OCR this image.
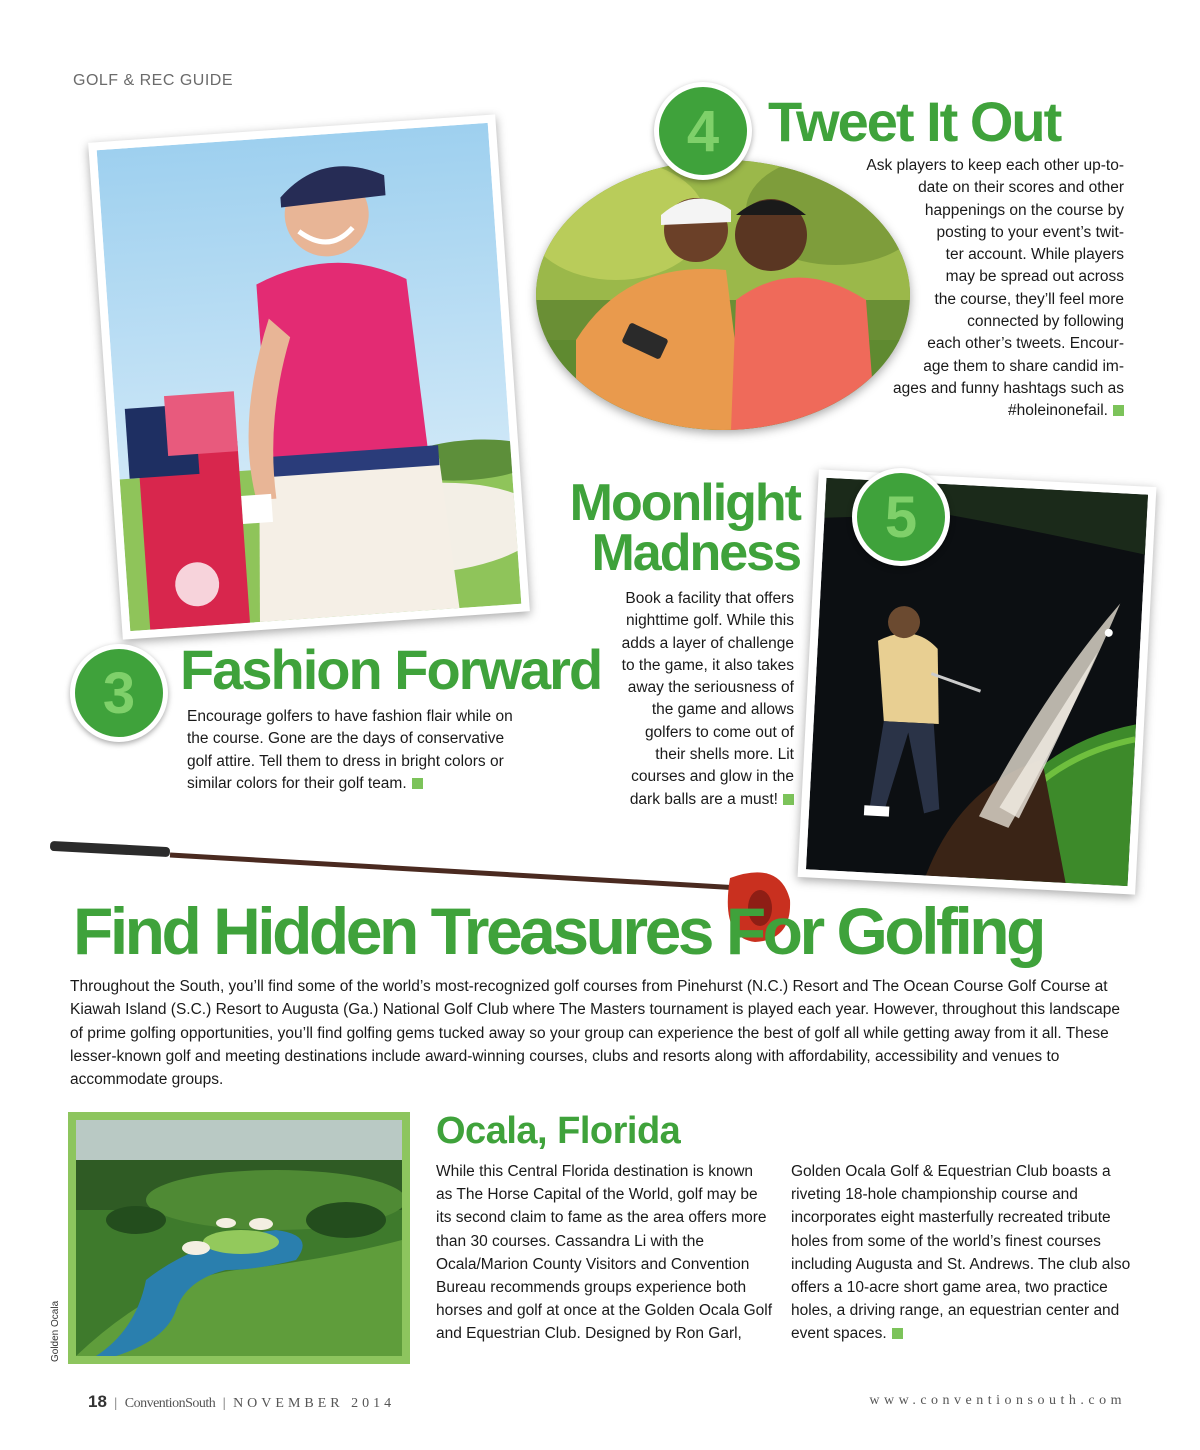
GOLF & REC GUIDE
3 Fashion Forward
Encourage golfers to have fashion flair while on the course. Gone are the days of conservative golf attire. Tell them to dress in bright colors or similar colors for their golf team.
4 Tweet It Out
Ask players to keep each other up-to-
date on their scores and other
happenings on the course by
posting to your event’s twit-
ter account. While players
may be spread out across
the course, they’ll feel more
connected by following
each other’s tweets. Encour-
age them to share candid im-
ages and funny hashtags such as
#holeinonefail.
Moonlight
Madness
Book a facility that offers
nighttime golf. While this
adds a layer of challenge
to the game, it also takes
away the seriousness of
the game and allows
golfers to come out of
their shells more. Lit
courses and glow in the
dark balls are a must!
5
Find Hidden Treasures For Golfing
Throughout the South, you’ll find some of the world’s most-recognized golf courses from Pinehurst (N.C.) Resort and The Ocean Course Golf Course at Kiawah Island (S.C.) Resort to Augusta (Ga.) National Golf Club where The Masters tournament is played each year. However, throughout this landscape of prime golfing opportunities, you’ll find golfing gems tucked away so your group can experience the best of golf all while getting away from it all. These lesser-known golf and meeting destinations include award-winning courses, clubs and resorts along with affordability, accessibility and venues to accommodate groups.
Golden Ocala
Ocala, Florida
While this Central Florida destination is known as The Horse Capital of the World, golf may be its second claim to fame as the area offers more than 30 courses. Cassandra Li with the Ocala/Marion County Visitors and Convention Bureau recommends groups experience both horses and golf at once at the Golden Ocala Golf and Equestrian Club. Designed by Ron Garl,
Golden Ocala Golf & Equestrian Club boasts a riveting 18-hole championship course and incorporates eight masterfully recreated tribute holes from some of the world’s finest courses including Augusta and St. Andrews. The club also offers a 10-acre short game area, two practice holes, a driving range, an equestrian center and event spaces.
18 | ConventionSouth | NOVEMBER 2014	www.conventionsouth.com
